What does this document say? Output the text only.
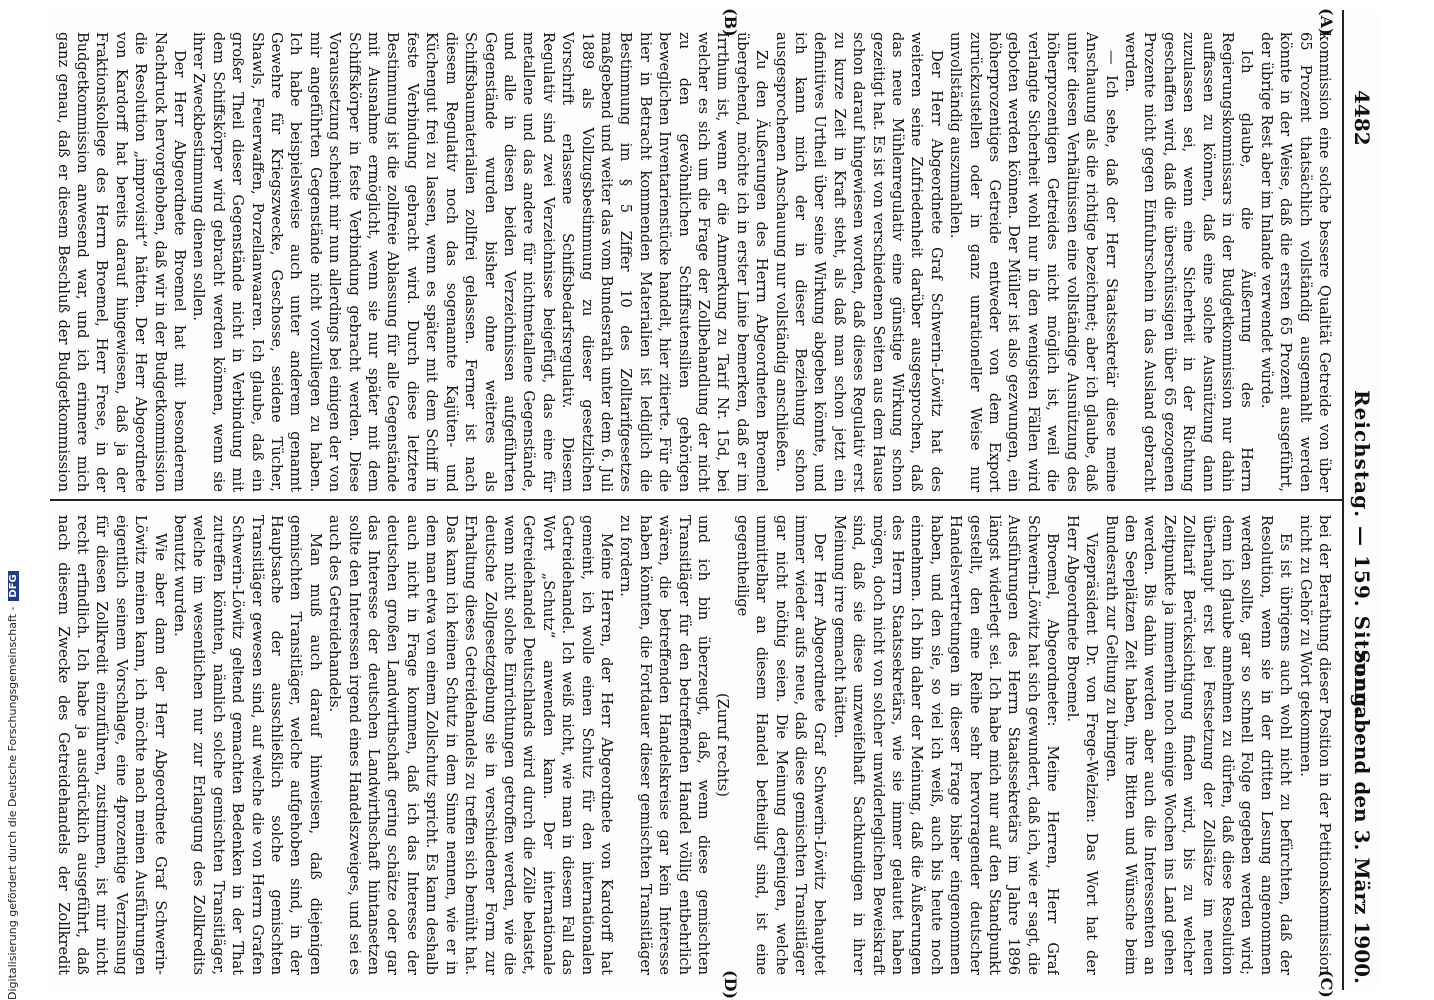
4482
Reichstag. — 159. Sitzung.
Sonnabend den 3. März 1900.
(A)
(B)
(C)
(D)

kommission eine solche bessere Qualität Getreide von über 65 Prozent thatsächlich vollständig ausgemahlt werden könnte in der Weise, daß die ersten 65 Prozent ausgeführt, der übrige Rest aber im Inlande verwendet würde.

Ich glaube, die Äußerung des Herrn Regierungskommissars in der Budgetkommission nur dahin auffassen zu können, daß eine solche Ausnützung dann zuzulassen sei, wenn eine Sicherheit in der Richtung geschaffen wird, daß die überschüssigen über 65 gezogenen Prozente nicht gegen Einfuhrschein in das Ausland gebracht werden.

— Ich sehe, daß der Herr Staatssekretär diese meine Anschauung als die richtige bezeichnet; aber ich glaube, daß unter diesen Verhältnissen eine vollständige Ausnützung des höherprozentigen Getreides nicht möglich ist, weil die verlangte Sicherheit wohl nur in den wenigsten Fällen wird geboten werden können. Der Müller ist also gezwungen, ein höherprozentiges Getreide entweder von dem Export zurückzustellen oder in ganz unrationeller Weise nur unvollständig auszumahlen.

Der Herr Abgeordnete Graf Schwerin-Löwitz hat des weiteren seine Zufriedenheit darüber ausgesprochen, daß das neue Mühlenregulativ eine günstige Wirkung schon gezeitigt hat. Es ist von verschiedenen Seiten aus dem Hause schon darauf hingewiesen worden, daß dieses Regulativ erst zu kurze Zeit in Kraft steht, als daß man schon jetzt ein definitives Urtheil über seine Wirkung abgeben könnte, und ich kann mich der in dieser Beziehung schon ausgesprochenen Anschauung nur vollständig anschließen.

Zu den Äußerungen des Herrn Abgeordneten Broemel übergehend, möchte ich in erster Linie bemerken, daß er im Irrthum ist, wenn er die Anmerkung zu Tarif Nr. 15d, bei welcher es sich um die Frage der Zollbehandlung der nicht zu den gewöhnlichen Schiffsutensilien gehörigen beweglichen Inventarienstücke handelt, hier zitierte. Für die hier in Betracht kommenden Materialien ist lediglich die Bestimmung im § 5 Ziffer 10 des Zolltarifgesetzes maßgebend und weiter das vom Bundesrath unter dem 6. Juli 1889 als Vollzugsbestimmung zu dieser gesetzlichen Vorschrift erlassene Schiffsbedarfsregulativ. Diesem Regulativ sind zwei Verzeichnisse beigefügt, das eine für metallene und das andere für nichtmetallene Gegenstände, und alle in diesen beiden Verzeichnissen aufgeführten Gegenstände wurden bisher ohne weiteres als Schiffsbaumaterialien zollfrei gelassen. Ferner ist nach diesem Regulativ noch das sogenannte Kajüten- und Küchengut frei zu lassen, wenn es später mit dem Schiff in feste Verbindung gebracht wird. Durch diese letztere Bestimmung ist die zollfreie Ablassung für alle Gegenstände mit Ausnahme ermöglicht, wenn sie nur später mit dem Schiffskörper in feste Verbindung gebracht werden. Diese Voraussetzung scheint mir nun allerdings bei einigen der von mir angeführten Gegenstände nicht vorzuliegen zu haben. Ich habe beispielsweise auch unter anderem genannt Gewehre für Kriegszwecke, Geschosse, seidene Tücher, Shawls, Feuerwaffen, Porzellanwaaren. Ich glaube, daß ein großer Theil dieser Gegenstände nicht in Verbindung mit dem Schiffskörper wird gebracht werden können, wenn sie ihrer Zweckbestimmung dienen sollen.

Der Herr Abgeordnete Broemel hat mit besonderem Nachdruck hervorgehoben, daß wir in der Budgetkommission die Resolution „improvisirt“ hätten. Der Herr Abgeordnete von Kardorff hat bereits darauf hingewiesen, daß ja der Fraktionskollege des Herrn Broemel, Herr Frese, in der Budgetkommission anwesend war, und ich erinnere mich ganz genau, daß er diesem Beschluß der Budgetkommission

bei der Berathung dieser Position in der Petitionskommission nicht zu Gehör zu Wort gekommen.

Es ist übrigens auch wohl nicht zu befürchten, daß der Resolution, wenn sie in der dritten Lesung angenommen werden sollte, gar so schnell Folge gegeben werden wird; denn ich glaube annehmen zu dürfen, daß diese Resolution überhaupt erst bei Festsetzung der Zollsätze im neuen Zolltarif Berücksichtigung finden wird, bis zu welcher Zeitpunkte ja immerhin noch einige Wochen ins Land gehen werden. Bis dahin werden aber auch die Interessenten an den Seeplätzen Zeit haben, ihre Bitten und Wünsche beim Bundesrath zur Geltung zu bringen.

Vizepräsident Dr. von Frege-Welzien: Das Wort hat der Herr Abgeordnete Broemel.

Broemel, Abgeordneter: Meine Herren, Herr Graf Schwerin-Löwitz hat sich gewundert, daß ich, wie er sagt, die Ausführungen des Herrn Staatssekretärs im Jahre 1896 längst widerlegt sei. Ich habe mich nur auf den Standpunkt gestellt, den eine Reihe sehr hervorragender deutscher Handelsvertretungen in dieser Frage bisher eingenommen haben, und den sie, so viel ich weiß, auch bis heute noch einnehmen. Ich bin daher der Meinung, daß die Äußerungen des Herrn Staatssekretärs, wie sie immer gelautet haben mögen, doch nicht von solcher unwiderleglichen Beweiskraft sind, daß sie diese unzweifelhaft Sachkundigen in ihrer Meinung irre gemacht hätten.

Der Herr Abgeordnete Graf Schwerin-Löwitz behauptet immer wieder aufs neue, daß diese gemischten Transitläger gar nicht nöthig seien. Die Meinung derjenigen, welche unmittelbar an diesem Handel betheiligt sind, ist eine gegentheilige

(Zuruf rechts)

und ich bin überzeugt, daß, wenn diese gemischten Transitläger für den betreffenden Handel völlig entbehrlich wären, die betreffenden Handelskreise gar kein Interesse haben könnten, die Fortdauer dieser gemischten Transitläger zu fordern.

Meine Herren, der Herr Abgeordnete von Kardorff hat gemeint, ich wolle einen Schutz für den internationalen Getreidehandel. Ich weiß nicht, wie man in diesem Fall das Wort „Schutz“ anwenden kann. Der internationale Getreidehandel Deutschlands wird durch die Zölle belastet, wenn nicht solche Einrichtungen getroffen werden, wie die deutsche Zollgesetzgebung sie in verschiedener Form zur Erhaltung dieses Getreidehandels zu treffen sich bemüht hat. Das kann ich keinen Schutz in dem Sinne nennen, wie er in dem man etwa von einem Zollschutz spricht. Es kann deshalb auch nicht in Frage kommen, daß ich das Interesse der deutschen großen Landwirthschaft gering schätze oder gar das Interesse der deutschen Landwirthschaft hintansetzen sollte den Interessen irgend eines Handelszweiges, und sei es auch des Getreidehandels.

Man muß auch darauf hinweisen, daß diejenigen gemischten Transitläger, welche aufgehoben sind, in der Hauptsache der ausschließlich solche gemischten Transitläger gewesen sind, auf welche die von Herrn Grafen Schwerin-Löwitz geltend gemachten Bedenken in der That zutreffen könnten, nämlich solche gemischten Transitläger, welche im wesentlichen nur zur Erlangung des Zollkredits benutzt wurden.

Wie aber dann der Herr Abgeordnete Graf Schwerin-Löwitz meinen kann, ich möchte nach meinen Ausführungen eigentlich seinem Vorschlage, eine 4prozentige Verzinsung für diesen Zollkredit einzuführen, zustimmen, ist mir nicht recht erfindlich. Ich habe ja ausdrücklich ausgeführt, daß nach diesem Zwecke des Getreidehandels der Zollkredit

Digitalisierung gefördert durch die Deutsche Forschungsgemeinschaft -DFG
